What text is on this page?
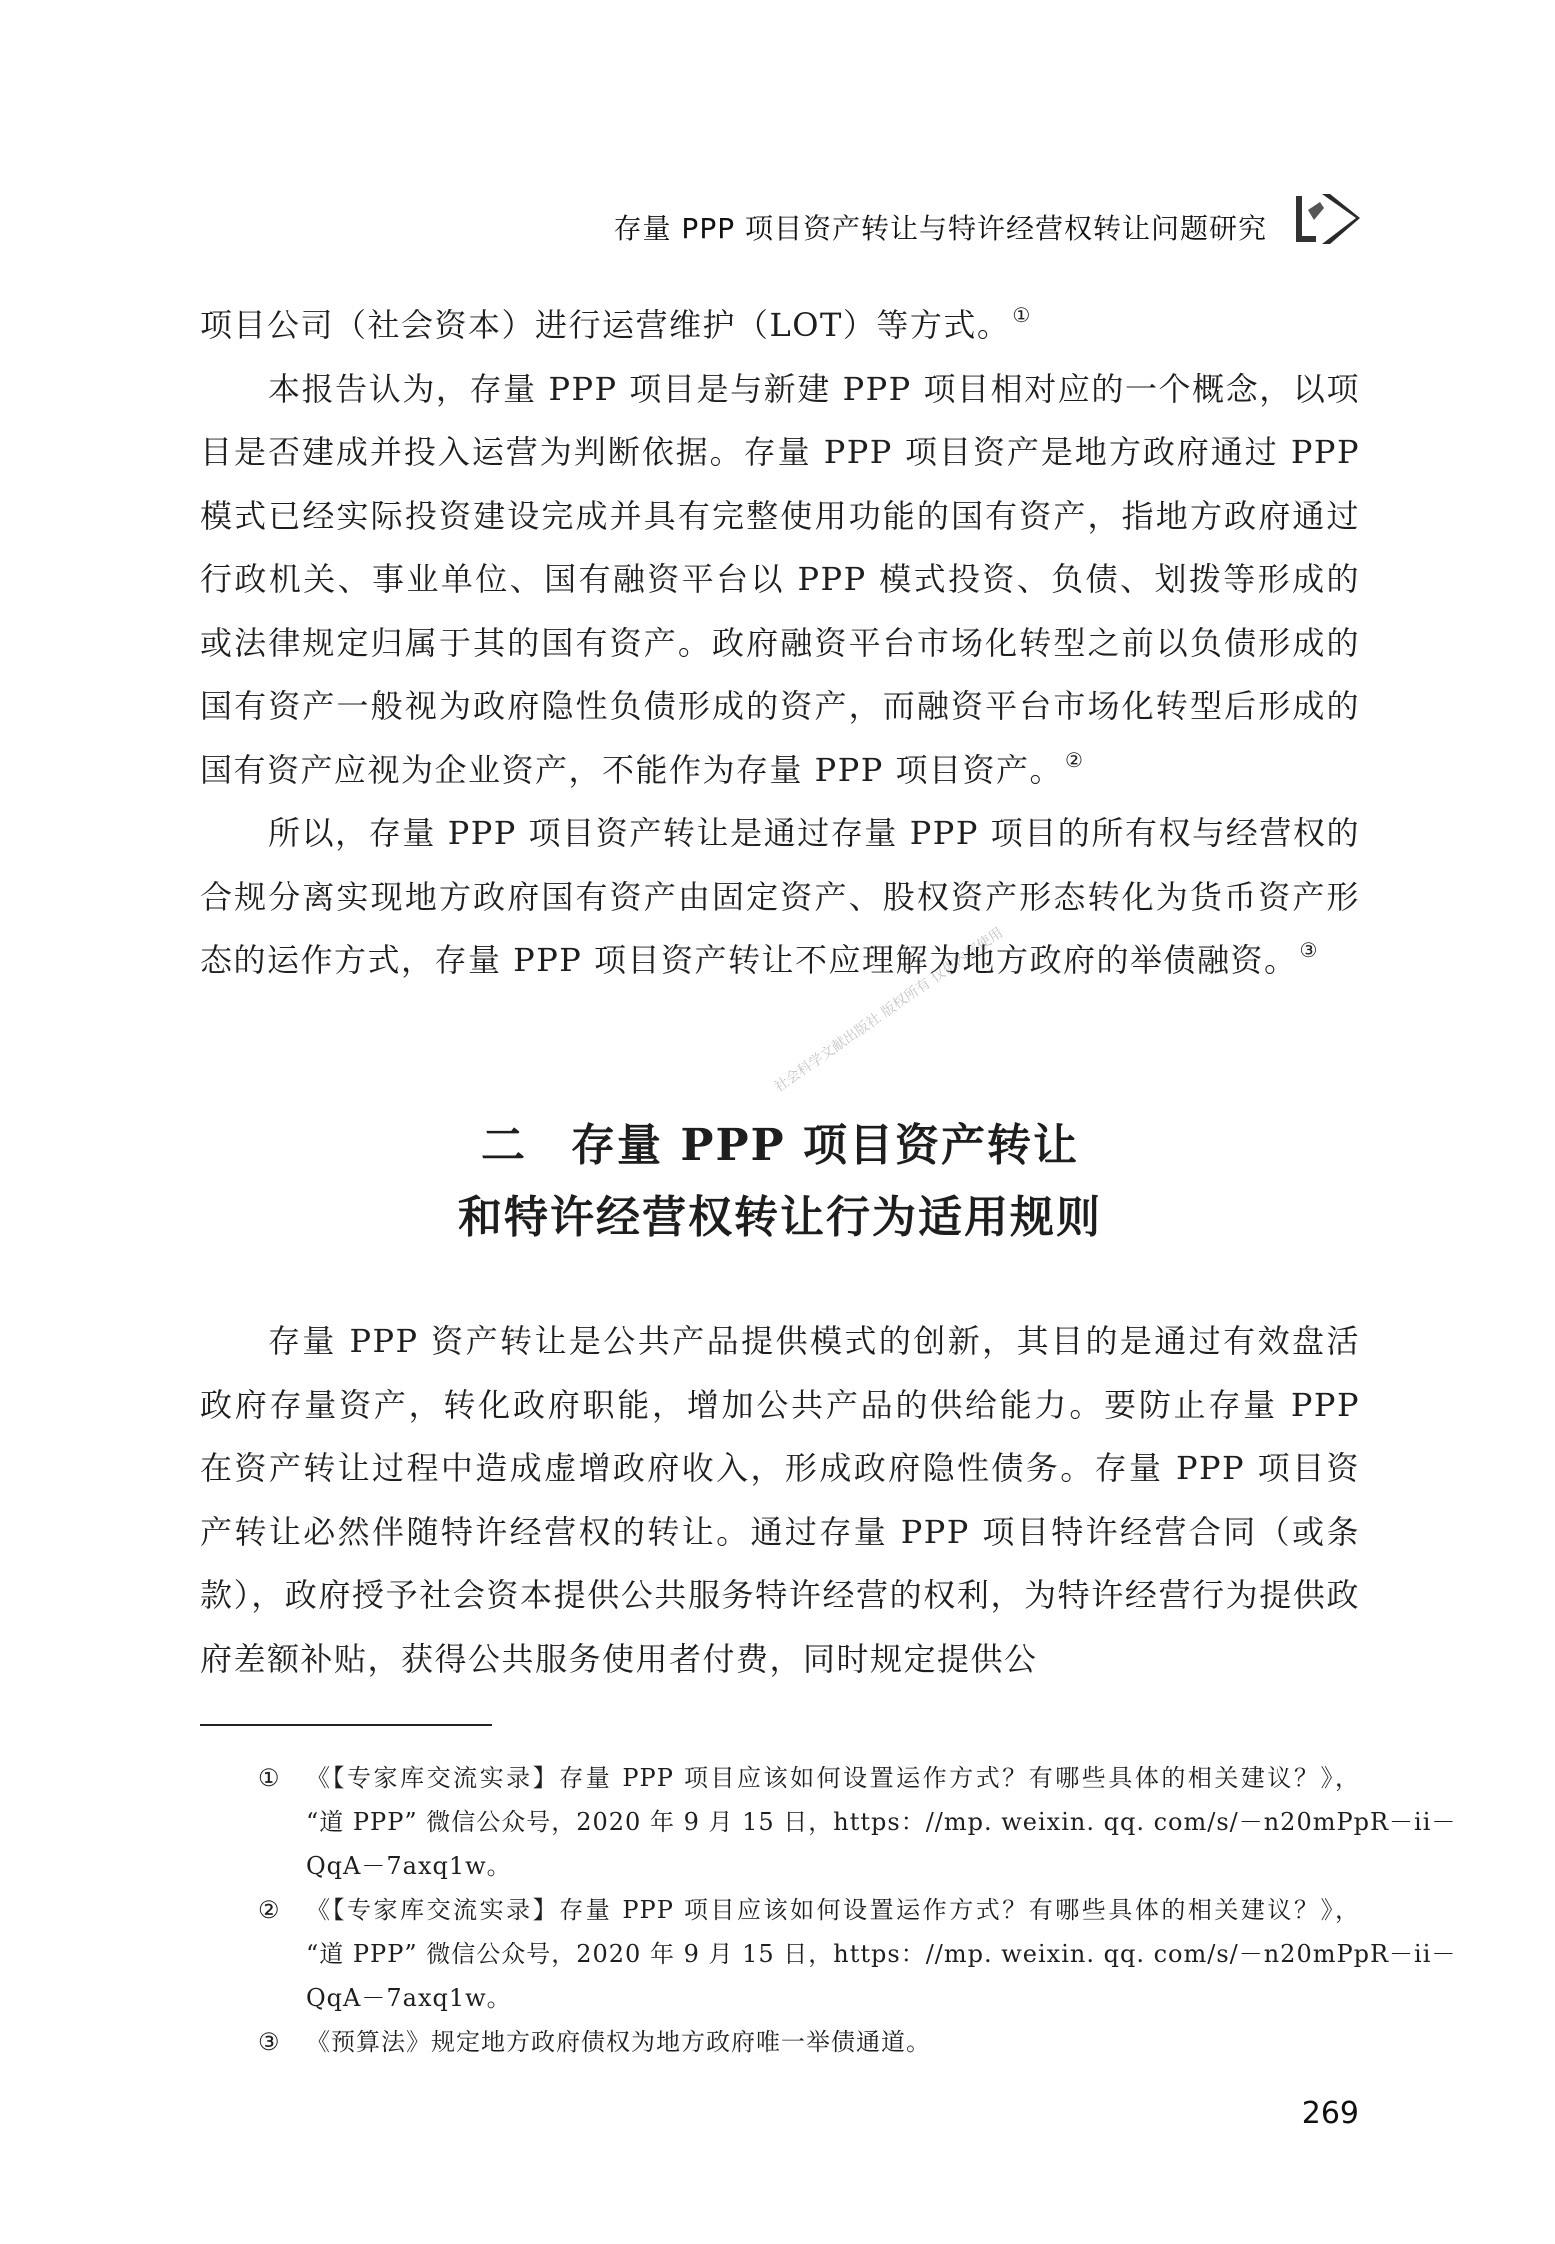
存量 PPP 项目资产转让与特许经营权转让问题研究
社会科学文献出版社 版权所有 仅供内部使用

项目公司（社会资本）进行运营维护（LOT）等方式。 ①

本报告认为，存量 PPP 项目是与新建 PPP 项目相对应的一个概念，以项目是否建成并投入运营为判断依据。存量 PPP 项目资产是地方政府通过 PPP 模式已经实际投资建设完成并具有完整使用功能的国有资产，指地方政府通过行政机关、事业单位、国有融资平台以 PPP 模式投资、负债、划拨等形成的或法律规定归属于其的国有资产。政府融资平台市场化转型之前以负债形成的国有资产一般视为政府隐性负债形成的资产，而融资平台市场化转型后形成的国有资产应视为企业资产，不能作为存量 PPP 项目资产。 ②

所以，存量 PPP 项目资产转让是通过存量 PPP 项目的所有权与经营权的合规分离实现地方政府国有资产由固定资产、股权资产形态转化为货币资产形态的运作方式，存量 PPP 项目资产转让不应理解为地方政府的举债融资。 ③

二 存量 PPP 项目资产转让
和特许经营权转让行为适用规则

存量 PPP 资产转让是公共产品提供模式的创新，其目的是通过有效盘活政府存量资产，转化政府职能，增加公共产品的供给能力。要防止存量 PPP 在资产转让过程中造成虚增政府收入，形成政府隐性债务。存量 PPP 项目资产转让必然伴随特许经营权的转让。通过存量 PPP 项目特许经营合同（或条款），政府授予社会资本提供公共服务特许经营的权利，为特许经营行为提供政府差额补贴，获得公共服务使用者付费，同时规定提供公

① 《【专家库交流实录】存量 PPP 项目应该如何设置运作方式？有哪些具体的相关建议？》，
“道 PPP” 微信公众号，2020 年 9 月 15 日，https：//mp. weixin. qq. com/s/－n20mPpR－ii－
QqA－7axq1w。
② 《【专家库交流实录】存量 PPP 项目应该如何设置运作方式？有哪些具体的相关建议？》，
“道 PPP” 微信公众号，2020 年 9 月 15 日，https：//mp. weixin. qq. com/s/－n20mPpR－ii－
QqA－7axq1w。
③ 《预算法》规定地方政府债权为地方政府唯一举债通道。
269
